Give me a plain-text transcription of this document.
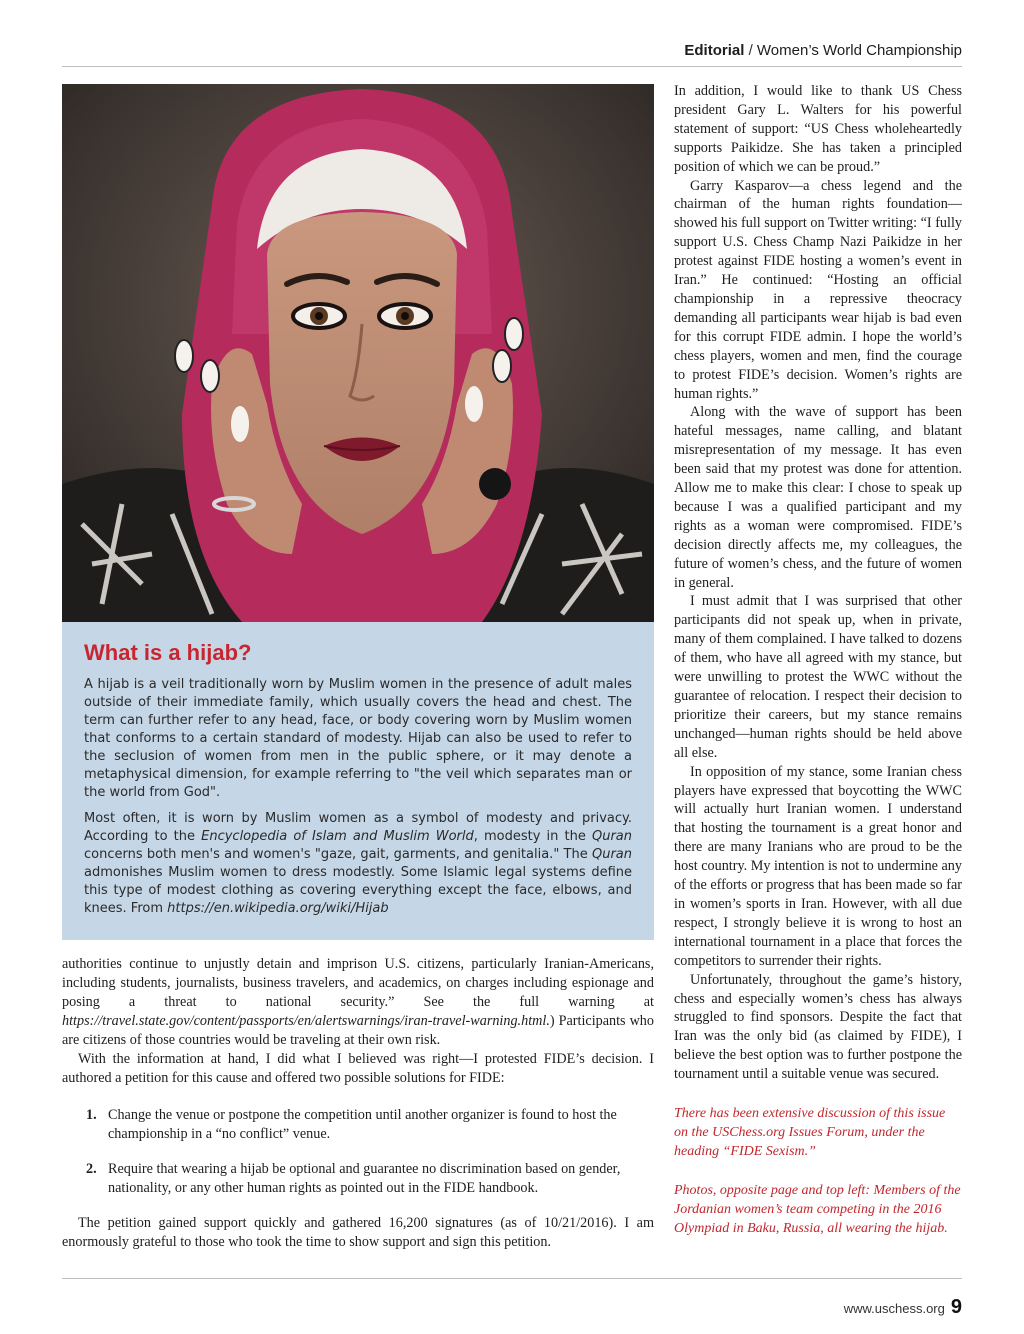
Editorial / Women’s World Championship
What is a hijab?

A hijab is a veil traditionally worn by Muslim women in the presence of adult males outside of their immediate family, which usually covers the head and chest. The term can further refer to any head, face, or body covering worn by Muslim women that conforms to a certain standard of modesty. Hijab can also be used to refer to the seclusion of women from men in the public sphere, or it may denote a metaphysical dimension, for example referring to "the veil which separates man or the world from God".

Most often, it is worn by Muslim women as a symbol of modesty and privacy. According to the Encyclopedia of Islam and Muslim World, modesty in the Quran concerns both men's and women's "gaze, gait, garments, and genitalia." The Quran admonishes Muslim women to dress modestly. Some Islamic legal systems define this type of modest clothing as covering everything except the face, elbows, and knees. From https://en.wikipedia.org/wiki/Hijab

authorities continue to unjustly detain and imprison U.S. citizens, particularly Iranian-Americans, including students, journalists, business travelers, and academics, on charges including espionage and posing a threat to national security.” See the full warning at https://travel.state.gov/content/passports/en/alertswarnings/iran-travel-warning.html.) Participants who are citizens of those countries would be traveling at their own risk.

With the information at hand, I did what I believed was right—I protested FIDE’s decision. I authored a petition for this cause and offered two possible solutions for FIDE:

1. Change the venue or postpone the competition until another organizer is found to host the championship in a “no conflict” venue.
2. Require that wearing a hijab be optional and guarantee no discrimination based on gender, nationality, or any other human rights as pointed out in the FIDE handbook.

The petition gained support quickly and gathered 16,200 signatures (as of 10/21/2016). I am enormously grateful to those who took the time to show support and sign this petition.

In addition, I would like to thank US Chess president Gary L. Walters for his powerful statement of support: “US Chess wholeheartedly supports Paikidze. She has taken a principled position of which we can be proud.”

Garry Kasparov—a chess legend and the chairman of the human rights foundation—showed his full support on Twitter writing: “I fully support U.S. Chess Champ Nazi Paikidze in her protest against FIDE hosting a women’s event in Iran.” He continued: “Hosting an official championship in a repressive theocracy demanding all participants wear hijab is bad even for this corrupt FIDE admin. I hope the world’s chess players, women and men, find the courage to protest FIDE’s decision. Women’s rights are human rights.”

Along with the wave of support has been hateful messages, name calling, and blatant misrepresentation of my message. It has even been said that my protest was done for attention. Allow me to make this clear: I chose to speak up because I was a qualified participant and my rights as a woman were compromised. FIDE’s decision directly affects me, my colleagues, the future of women’s chess, and the future of women in general.

I must admit that I was surprised that other participants did not speak up, when in private, many of them complained. I have talked to dozens of them, who have all agreed with my stance, but were unwilling to protest the WWC without the guarantee of relocation. I respect their decision to prioritize their careers, but my stance remains unchanged—human rights should be held above all else.

In opposition of my stance, some Iranian chess players have expressed that boycotting the WWC will actually hurt Iranian women. I understand that hosting the tournament is a great honor and there are many Iranians who are proud to be the host country. My intention is not to undermine any of the efforts or progress that has been made so far in women’s sports in Iran. However, with all due respect, I strongly believe it is wrong to host an international tournament in a place that forces the competitors to surrender their rights.

Unfortunately, throughout the game’s history, chess and especially women’s chess has always struggled to find sponsors. Despite the fact that Iran was the only bid (as claimed by FIDE), I believe the best option was to further postpone the tournament until a suitable venue was secured.

There has been extensive discussion of this issue on the USChess.org Issues Forum, under the heading “FIDE Sexism.”

Photos, opposite page and top left: Members of the Jordanian women’s team competing in the 2016 Olympiad in Baku, Russia, all wearing the hijab.

www.uschess.org 9
